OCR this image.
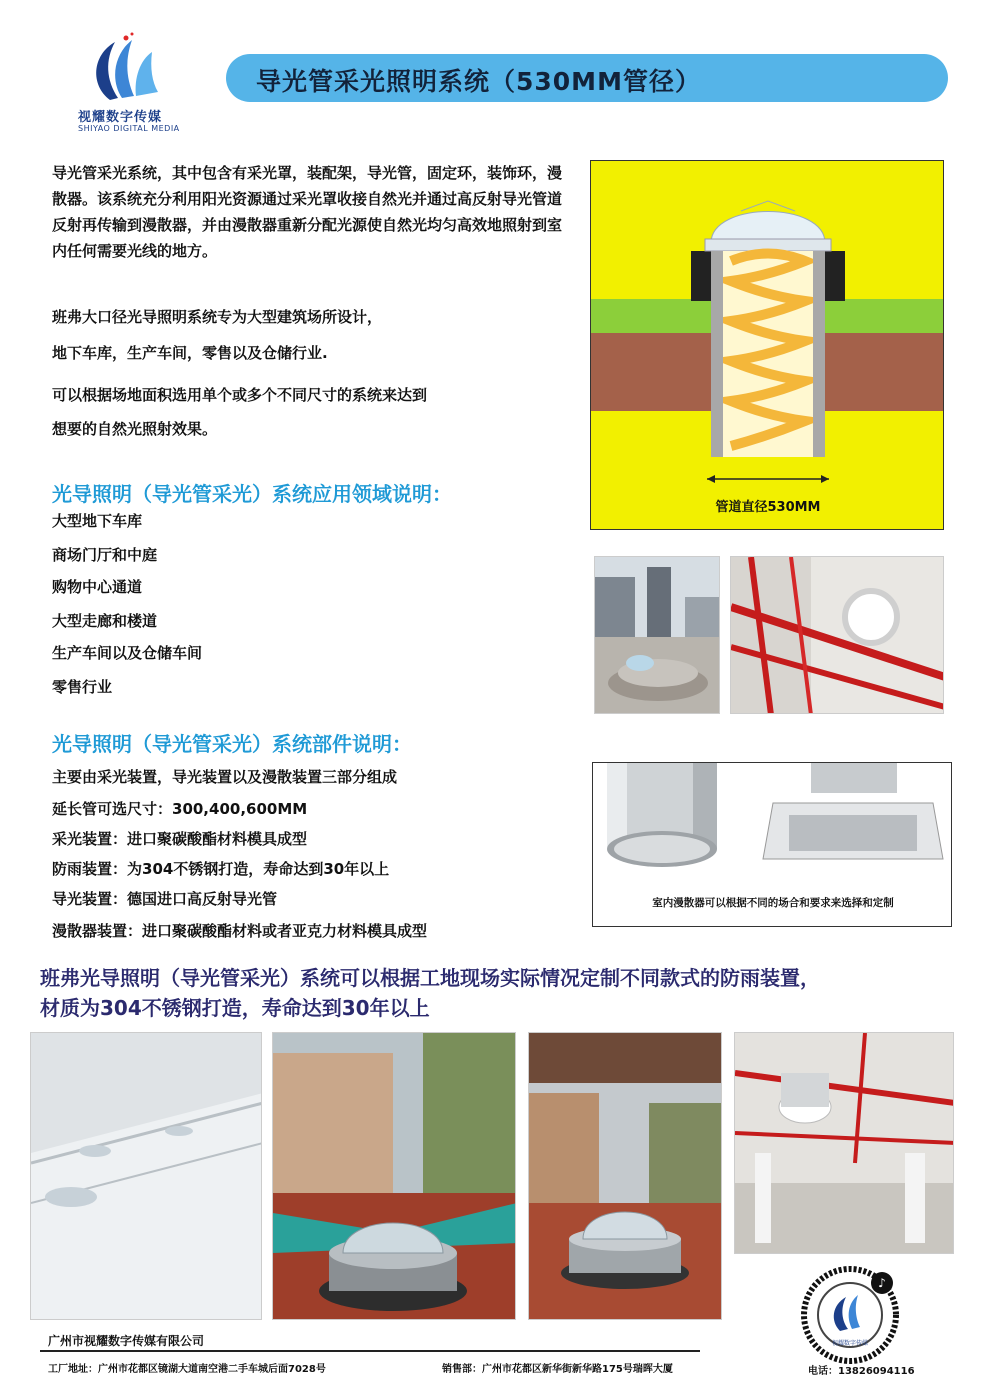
视耀数字传媒
SHIYAO DIGITAL MEDIA
导光管采光照明系统（530MM管径）
导光管采光系统，其中包含有采光罩，装配架，导光管，固定环，装饰环，漫散器。该系统充分利用阳光资源通过采光罩收接自然光并通过高反射导光管道反射再传输到漫散器，并由漫散器重新分配光源使自然光均匀高效地照射到室内任何需要光线的地方。
班弗大口径光导照明系统专为大型建筑场所设计，
地下车库，生产车间，零售以及仓储行业.
可以根据场地面积选用单个或多个不同尺寸的系统来达到
想要的自然光照射效果。
管道直径530MM
光导照明（导光管采光）系统应用领域说明：
大型地下车库
商场门厅和中庭
购物中心通道
大型走廊和楼道
生产车间以及仓储车间
零售行业
光导照明（导光管采光）系统部件说明：
主要由采光装置，导光装置以及漫散装置三部分组成
延长管可选尺寸：300,400,600MM
采光装置：进口聚碳酸酯材料模具成型
防雨装置：为304不锈钢打造，寿命达到30年以上
导光装置：德国进口高反射导光管
漫散器装置：进口聚碳酸酯材料或者亚克力材料模具成型
室内漫散器可以根据不同的场合和要求来选择和定制
班弗光导照明（导光管采光）系统可以根据工地现场实际情况定制不同款式的防雨装置，
材质为304不锈钢打造，寿命达到30年以上
♪
视耀数字传媒
广州市视耀数字传媒有限公司
工厂地址：广州市花都区镜湖大道南空港二手车城后面7028号	销售部：广州市花都区新华街新华路175号瑞晖大厦	电话：13826094116
